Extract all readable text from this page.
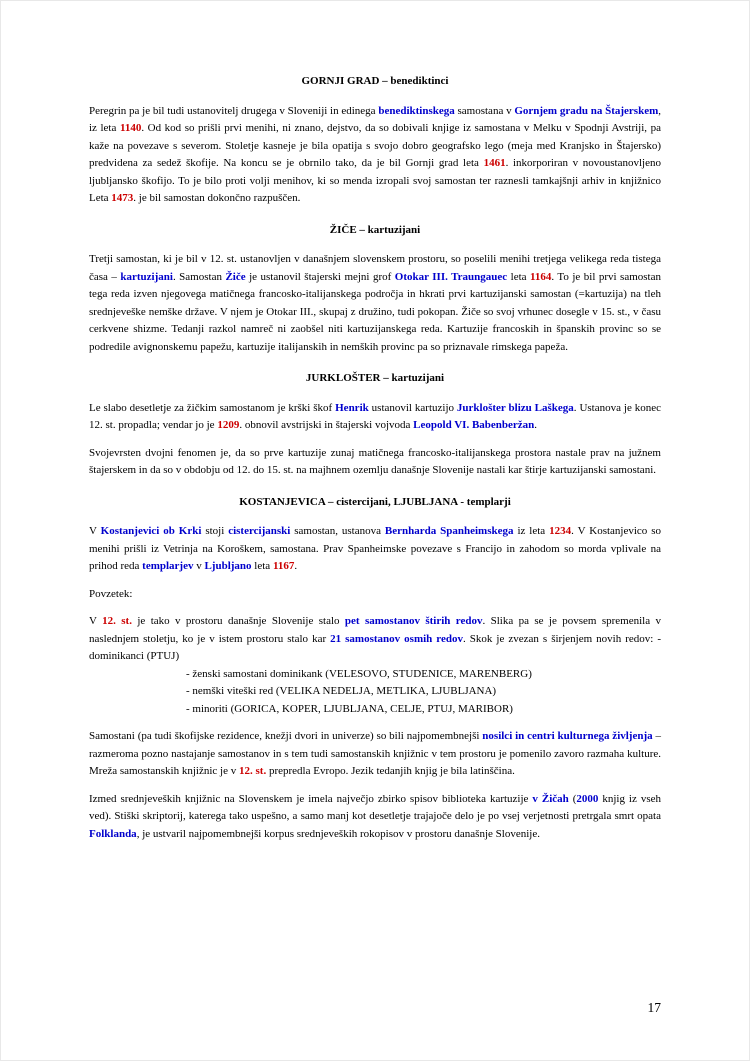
GORNJI GRAD – benediktinci
Peregrin pa je bil tudi ustanovitelj drugega v Sloveniji in edinega benediktinskega samostana v Gornjem gradu na Štajerskem, iz leta 1140. Od kod so prišli prvi menihi, ni znano, dejstvo, da so dobivali knjige iz samostana v Melku v Spodnji Avstriji, pa kaže na povezave s severom. Stoletje kasneje je bila opatija s svojo dobro geografsko lego (meja med Kranjsko in Štajersko) predvidena za sedež škofije. Na koncu se je obrnilo tako, da je bil Gornji grad leta 1461. inkorporiran v novoustanovljeno ljubljansko škofijo. To je bilo proti volji menihov, ki so menda izropali svoj samostan ter raznesli tamkajšnji arhiv in knjižnico Leta 1473. je bil samostan dokončno razpuščen.
ŽIČE – kartuzijani
Tretji samostan, ki je bil v 12. st. ustanovljen v današnjem slovenskem prostoru, so poselili menihi tretjega velikega reda tistega časa – kartuzijani. Samostan Žiče je ustanovil štajerski mejni grof Otokar III. Traungauec leta 1164. To je bil prvi samostan tega reda izven njegovega matičnega francosko-italijanskega področja in hkrati prvi kartuzijanski samostan (=kartuzija) na tleh srednjeveške nemške države. V njem je Otokar III., skupaj z družino, tudi pokopan. Žiče so svoj vrhunec dosegle v 15. st., v času cerkvene shizme. Tedanji razkol namreč ni zaobšel niti kartuzijanskega reda. Kartuzije francoskih in španskih provinc so se podredile avignonskemu papežu, kartuzije italijanskih in nemških provinc pa so priznavale rimskega papeža.
JURKLOŠTER – kartuzijani
Le slabo desetletje za žičkim samostanom je krški škof Henrik ustanovil kartuzijo Jurklošter blizu Laškega. Ustanova je konec 12. st. propadla; vendar jo je 1209. obnovil avstrijski in štajerski vojvoda Leopold VI. Babenberžan.
Svojevrsten dvojni fenomen je, da so prve kartuzije zunaj matičnega francosko-italijanskega prostora nastale prav na južnem štajerskem in da so v obdobju od 12. do 15. st. na majhnem ozemlju današnje Slovenije nastali kar štirje kartuzijanski samostani.
KOSTANJEVICA – cistercijani, LJUBLJANA - templarji
V Kostanjevici ob Krki stoji cistercijanski samostan, ustanova Bernharda Spanheimskega iz leta 1234. V Kostanjevico so menihi prišli iz Vetrinja na Koroškem, samostana. Prav Spanheimske povezave s Francijo in zahodom so morda vplivale na prihod reda templarjev v Ljubljano leta 1167.
Povzetek:
V 12. st. je tako v prostoru današnje Slovenije stalo pet samostanov štirih redov. Slika pa se je povsem spremenila v naslednjem stoletju, ko je v istem prostoru stalo kar 21 samostanov osmih redov. Skok je zvezan s širjenjem novih redov: -  dominikanci (PTUJ)
- ženski samostani dominikank (VELESOVO, STUDENICE, MARENBERG)
- nemški viteški red (VELIKA NEDELJA, METLIKA, LJUBLJANA)
- minoriti (GORICA, KOPER, LJUBLJANA, CELJE, PTUJ, MARIBOR)
Samostani (pa tudi škofijske rezidence, knežji dvori in univerze) so bili najpomembnejši nosilci in centri kulturnega življenja – razmeroma pozno nastajanje samostanov in s tem tudi samostanskih knjižnic v tem prostoru je pomenilo zavoro razmaha kulture. Mreža samostanskih knjižnic je v 12. st. prepredla Evropo. Jezik tedanjih knjig je bila latinščina.
Izmed srednjeveških knjižnic na Slovenskem je imela največjo zbirko spisov biblioteka kartuzije v Žičah (2000 knjig iz vseh ved). Stiški skriptorij, katerega tako uspešno, a samo manj kot desetletje trajajoče delo je po vsej verjetnosti pretrgala smrt opata Folklanda, je ustvaril najpomembnejši korpus srednjeveških rokopisov v prostoru današnje Slovenije.
17
